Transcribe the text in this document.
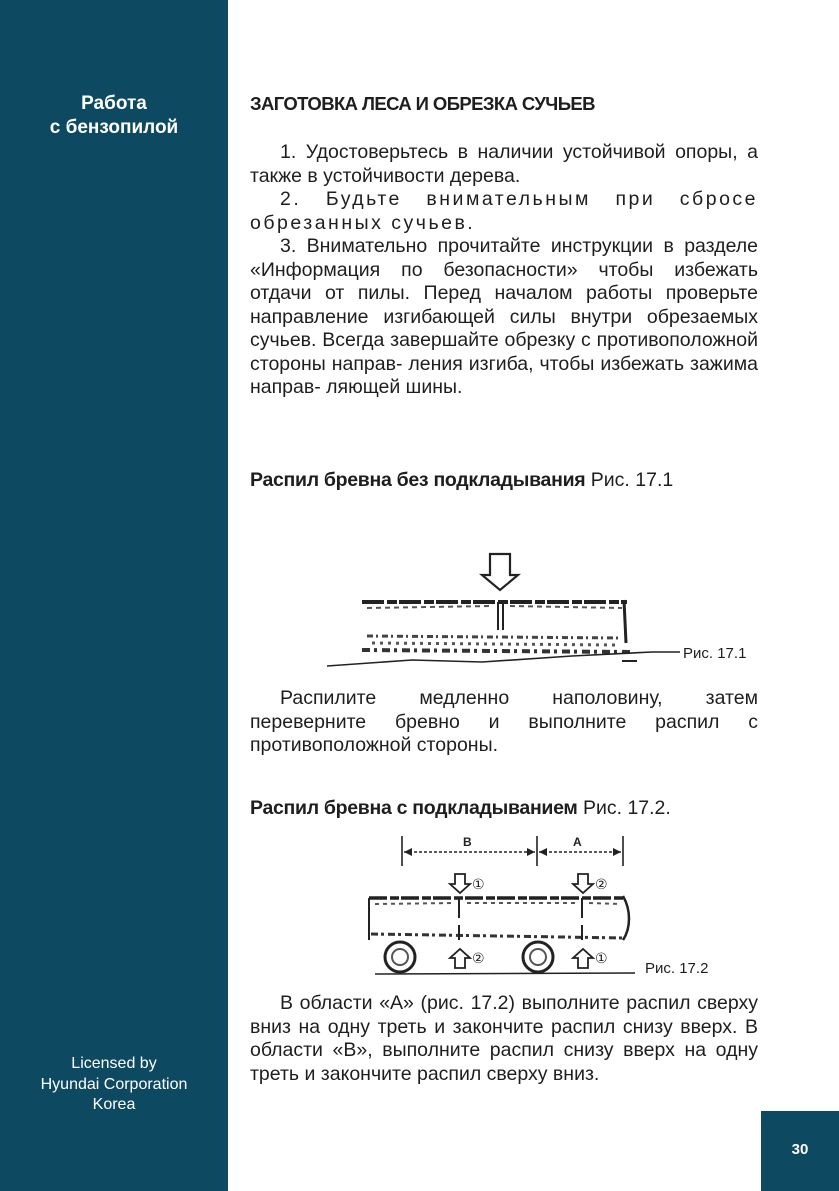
Работа
с бензопилой
Licensed by
Hyundai Corporation
Korea
ЗАГОТОВКА ЛЕСА И ОБРЕЗКА СУЧЬЕВ

1. Удостоверьтесь в наличии устойчивой опоры, а также в устойчивости дерева.

2. Будьте внимательным при сбросе обрезанных сучьев.

3. Внимательно прочитайте инструкции в разделе «Информация по безопасности» чтобы избежать отдачи от пилы. Перед началом работы проверьте направление изгибающей силы внутри обрезаемых сучьев. Всегда завершайте обрезку с противоположной стороны направ- ления изгиба, чтобы избежать зажима направ- ляющей шины.

Распил бревна без подкладывания Рис. 17.1
Рис. 17.1

Распилите медленно наполовину, затем переверните бревно и выполните распил с противоположной стороны.

Распил бревна с подкладыванием Рис. 17.2.
B	A
①	②
②	①
Рис. 17.2

В области «A» (рис. 17.2) выполните распил сверху вниз на одну треть и закончите распил снизу вверх. В области «B», выполните распил снизу вверх на одну треть и закончите распил сверху вниз.

30
